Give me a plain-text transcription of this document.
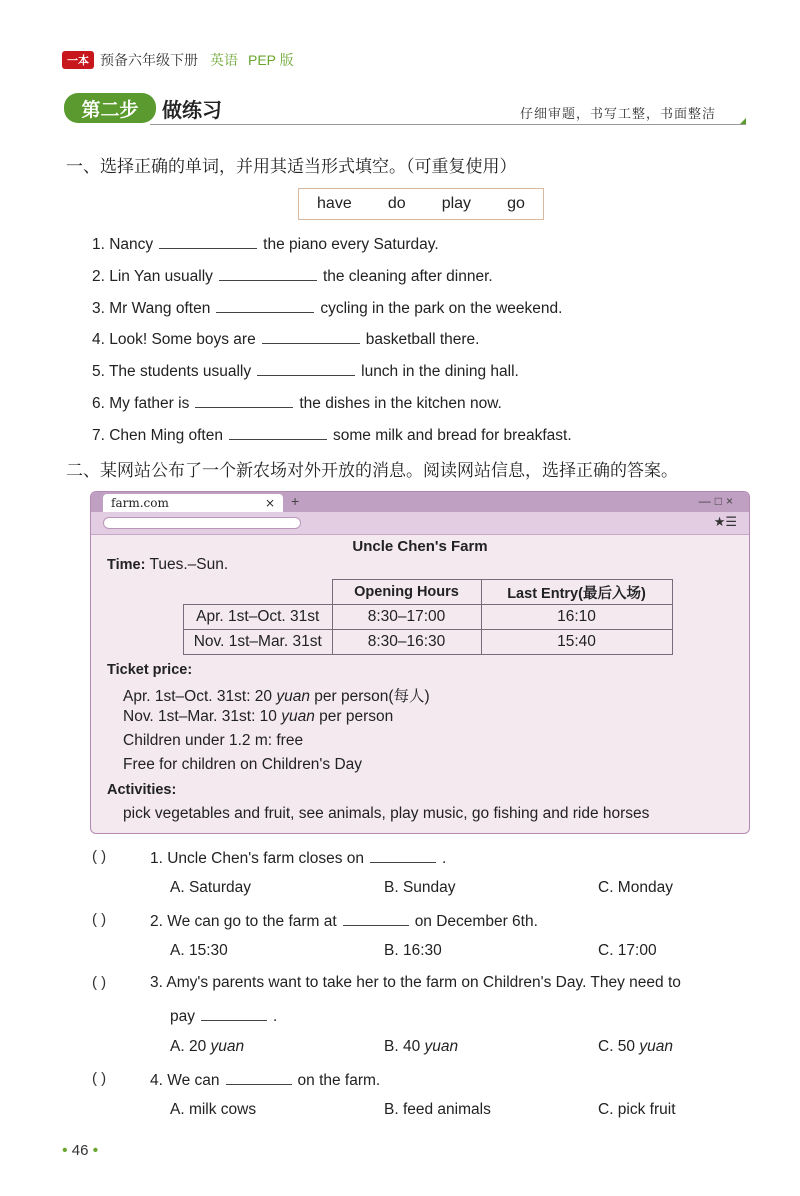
一本 预备六年级下册 英语 PEP 版
第二步	做练习	仔细审题，书写工整，书面整洁
一、选择正确的单词，并用其适当形式填空。（可重复使用）
have do play go
1. Nancy	the piano every Saturday.
2. Lin Yan usually	the cleaning after dinner.
3. Mr Wang often	cycling in the park on the weekend.
4. Look! Some boys are	basketball there.
5. The students usually	lunch in the dining hall.
6. My father is	the dishes in the kitchen now.
7. Chen Ming often	some milk and bread for breakfast.
二、某网站公布了一个新农场对外开放的消息。阅读网站信息，选择正确的答案。
farm.com	× +	—□×
★☰
Uncle Chen's Farm
Time: Tues.–Sun.
	Opening Hours	Last Entry(最后入场)
Apr. 1st–Oct. 31st	8:30–17:00	16:10
Nov. 1st–Mar. 31st	8:30–16:30	15:40
Ticket price:
Apr. 1st–Oct. 31st: 20 yuan per person(每人)
Nov. 1st–Mar. 31st: 10 yuan per person
Children under 1.2 m: free
Free for children on Children's Day
Activities:
pick vegetables and fruit, see animals, play music, go fishing and ride horses
( )	1. Uncle Chen's farm closes on	.
A. Saturday	B. Sunday	C. Monday
( )	2. We can go to the farm at	on December 6th.
A. 15:30	B. 16:30	C. 17:00
( )	3. Amy's parents want to take her to the farm on Children's Day. They need to
pay	.
A. 20 yuan	B. 40 yuan	C. 50 yuan
( )	4. We can	on the farm.
A. milk cows	B. feed animals	C. pick fruit
• 46 •
